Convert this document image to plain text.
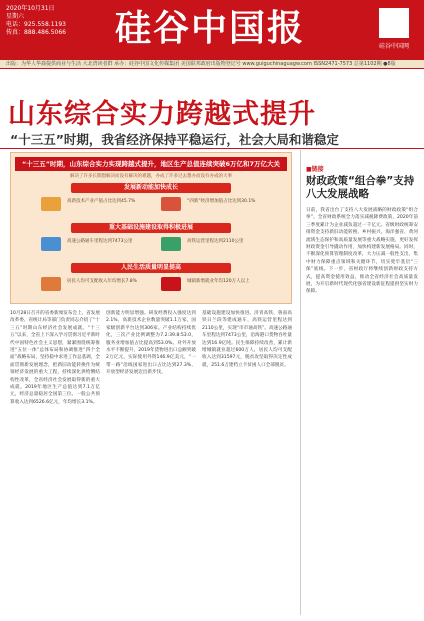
2020年10月31日
星期六
电话：925.558.1193
传真：888.486.5066	硅谷中国报	硅谷中国网
出版：为华人华裔提供商业与生活 大北湾读者群 承办：硅谷中国文化传媒集团 美国联邦政府出版物登记号 www.guiguchinaguagw.com ISSN2471-7573 总第1102期 ●8版
山东综合实力跨越式提升
“十三五”时期，我省经济保持平稳运行，社会大局和谐稳定
“十三五”时期，山东综合实力实现跨越式提升，地区生产总值连续突破6万亿和7万亿大关
解决了许多长期想解决而没有解决的难题，办成了许多过去想办而没有办成的大事
发展新动能加快成长
高新技术产业产值占比达到45.7%	“四新”经济增加值占比达到30.1%
重大基础设施建设取得积极进展
高速公路通车里程达到7473公里	高铁运营里程达到2110公里
人民生活质量明显提高
居民人均可支配收入年均增长7.8%	城镇新增就业年均120万人以上
10月28日召开的省委新闻发布会上，省发展改革委、省统计局等部门负责同志介绍了“十三五”时期山东经济社会发展成就。“十三五”以来，全省上下深入学习贯彻习近平新时代中国特色社会主义思想，紧紧围绕统筹推进“五位一体”总体布局和协调推进“四个全面”战略布局，坚持稳中求进工作总基调，全面贯彻新发展理念，把新旧动能转换作为统领经济发展的重大工程，持续深化供给侧结构性改革，全省经济社会发展取得新的重大成就。2019年地区生产总值达到7.1万亿元，经济总量稳居全国第三位。一般公共预算收入达到6526.6亿元，年均增长3.1%。
创新能力明显增强。研发经费投入强度达到2.1%，高新技术企业数量突破1.1万家，国家级创新平台达到306家。产业结构持续优化，三次产业比例调整为7.2:39.8:53.0，服务业增加值占比提高到53.0%。对外开放水平不断提升，2019年货物进出口总额突破2万亿元，实际使用外资146.9亿美元，“一带一路”沿线国家进出口占比达到27.3%，开放型经济发展迈出新步伐。
基础设施建设加快推进。济青高铁、鲁南高铁日兰段等建成通车，高铁运营里程达到2110公里，实现“市市通高铁”。高速公路通车里程达到7473公里，沿海港口货物吞吐量达到16.9亿吨。民生保障持续改善，累计新增城镇就业超过600万人，居民人均可支配收入达到31597元，脱贫攻坚取得决定性成就，251.6万建档立卡贫困人口全部脱贫。
■链接
财政政策“组合拳”支持八大发展战略
日前，我省出台了支持八大发展战略的财政政策“组合拳”。全省财政系统全力落实减税降费政策，2020年前三季度累计为企业减负超过一千亿元。省级财政统筹安排资金支持新旧动能转换、乡村振兴、海洋强省、黄河流域生态保护和高质量发展等重大战略实施，更好发挥财政资金引导撬动作用，加快构建新发展格局。同时，不断深化预算管理制度改革，大力压减一般性支出，集中财力保障重点领域和关键环节，切实兜牢基层“三保”底线。下一步，省财政厅将继续创新财政支持方式，提高资金使用效益，推动全省经济社会高质量发展，为开启新时代现代化强省建设新征程提供坚实财力保障。
